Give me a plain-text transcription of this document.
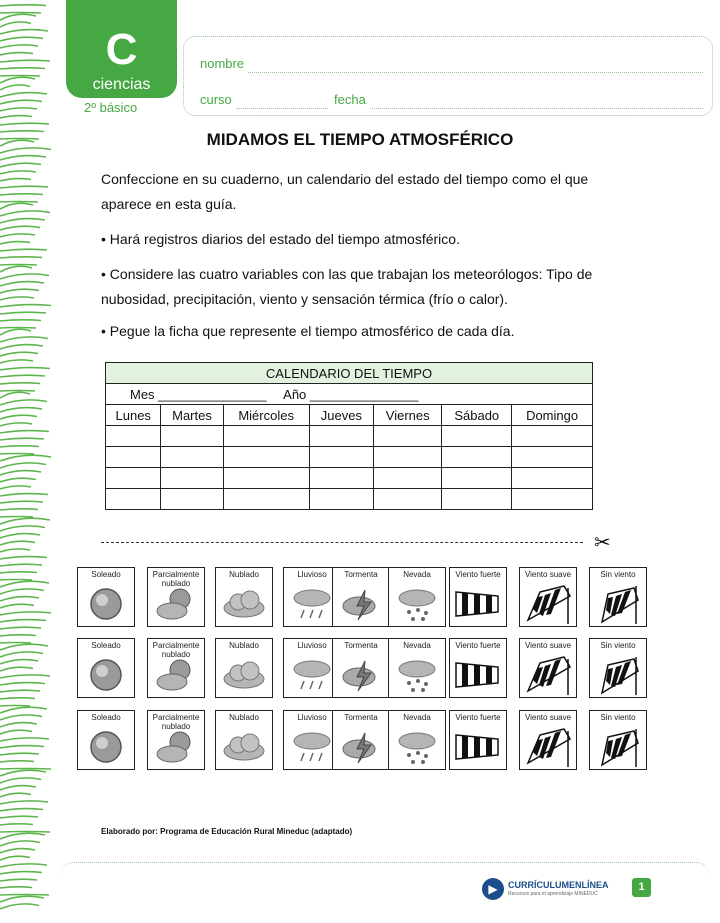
C
ciencias
2º básico
nombre
curso	fecha
MIDAMOS EL TIEMPO ATMOSFÉRICO
Confeccione en su cuaderno, un calendario del estado del tiempo como el que aparece en esta guía.
• Hará registros diarios del estado del tiempo atmosférico.
• Considere las cuatro variables con las que trabajan los meteorólogos: Tipo de nubosidad, precipitación, viento y sensación térmica (frío o calor).
• Pegue la ficha que represente el tiempo atmosférico de cada día.
CALENDARIO DEL TIEMPO						
Mes _______________ Año _______________						
Lunes	Martes	Miércoles	Jueves	Viernes	Sábado	Domingo

✂
Soleado	Parcialmente nublado
Nublado	Lluvioso	Tormenta	Nevada	Viento fuerte	Viento suave	Sin viento
Soleado	Parcialmente nublado
Nublado	Lluvioso	Tormenta	Nevada	Viento fuerte	Viento suave	Sin viento
Soleado	Parcialmente nublado
Nublado	Lluvioso	Tormenta	Nevada	Viento fuerte	Viento suave	Sin viento
Elaborado por: Programa de Educación Rural Mineduc (adaptado)
▶	CURRÍCULUMENLÍNEA
Recursos para el aprendizaje MINEDUC
1
